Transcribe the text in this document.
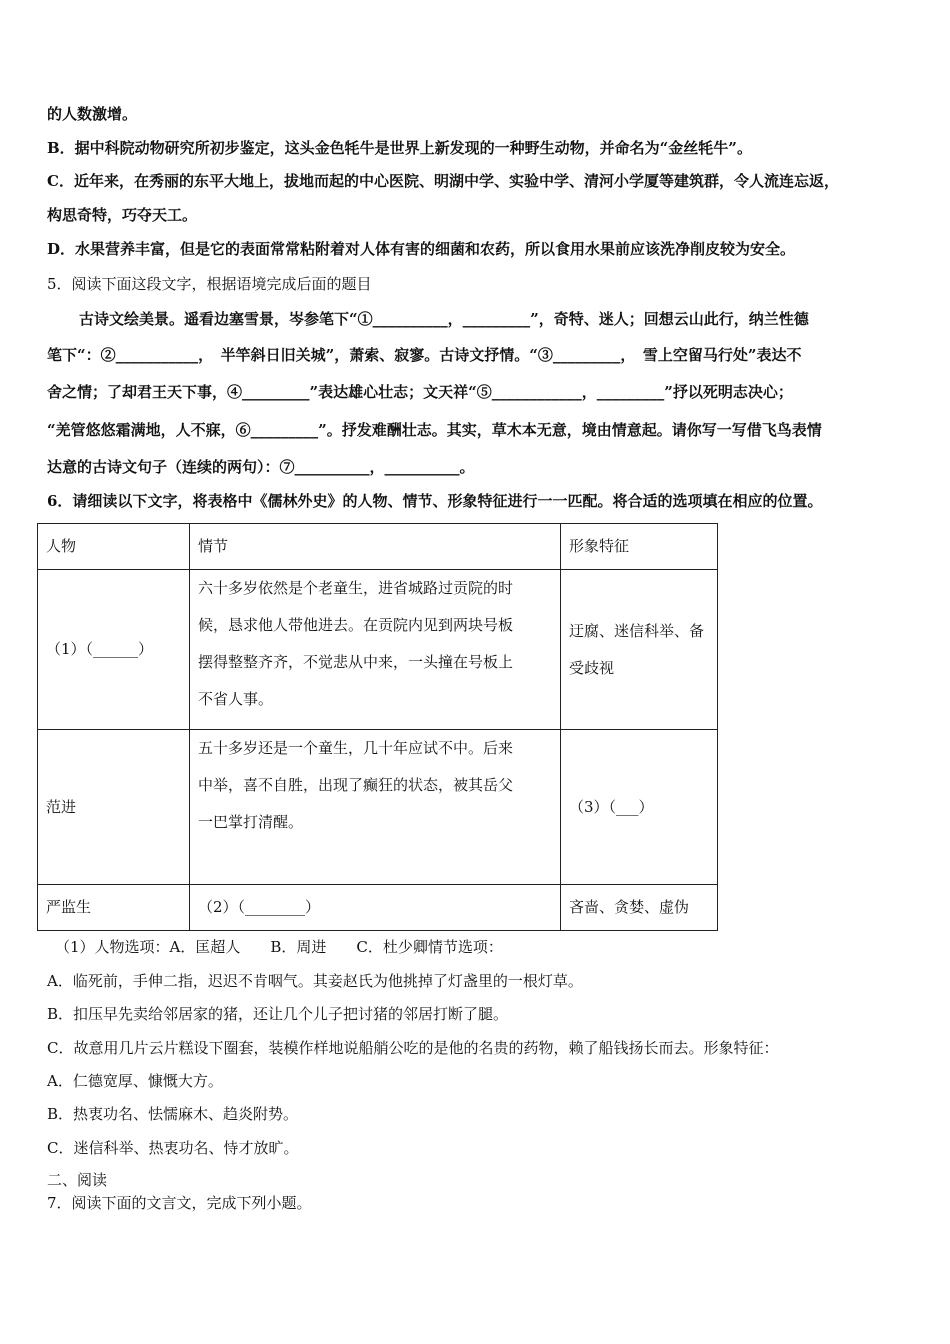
的人数激增。
B．据中科院动物研究所初步鉴定，这头金色牦牛是世界上新发现的一种野生动物，并命名为“金丝牦牛”。
C．近年来，在秀丽的东平大地上，拔地而起的中心医院、明湖中学、实验中学、清河小学厦等建筑群，令人流连忘返，
构思奇特，巧夺天工。
D．水果营养丰富，但是它的表面常常粘附着对人体有害的细菌和农药，所以食用水果前应该洗净削皮较为安全。
5．阅读下面这段文字，根据语境完成后面的题目
古诗文绘美景。遥看边塞雪景，岑参笔下“①__________，_________”，奇特、迷人；回想云山此行，纳兰性德
笔下“：②___________，　半竿斜日旧关城”，萧索、寂寥。古诗文抒情。“③_________，　雪上空留马行处”表达不
舍之情；了却君王天下事，④_________”表达雄心壮志；文天祥“⑤____________，_________”抒以死明志决心；
“羌管悠悠霜满地，人不寐，⑥_________”。抒发难酬壮志。其实，草木本无意，境由情意起。请你写一写借飞鸟表情
达意的古诗文句子（连续的两句）：⑦__________，__________。
6．请细读以下文字，将表格中《儒林外史》的人物、情节、形象特征进行一一匹配。将合适的选项填在相应的位置。
人物	情节	形象特征
（1）（______）	六十多岁依然是个老童生，进省城路过贡院的时
候，恳求他人带他进去。在贡院内见到两块号板
摆得整整齐齐，不觉悲从中来，一头撞在号板上
不省人事。	迂腐、迷信科举、备
受歧视

范进	五十多岁还是一个童生，几十年应试不中。后来
中举，喜不自胜，出现了癫狂的状态，被其岳父
一巴掌打清醒。	（3）（___）
严监生	（2）（________）	吝啬、贪婪、虚伪
（1）人物选项：A．匡超人　　B．周进　　C．杜少卿情节选项：
A．临死前，手伸二指，迟迟不肯咽气。其妾赵氏为他挑掉了灯盏里的一根灯草。
B．扣压早先卖给邻居家的猪，还让几个儿子把讨猪的邻居打断了腿。
C．故意用几片云片糕设下圈套，装模作样地说船艄公吃的是他的名贵的药物，赖了船钱扬长而去。形象特征：
A．仁德宽厚、慷慨大方。
B．热衷功名、怯懦麻木、趋炎附势。
C．迷信科举、热衷功名、恃才放旷。
二、阅读
7．阅读下面的文言文，完成下列小题。
